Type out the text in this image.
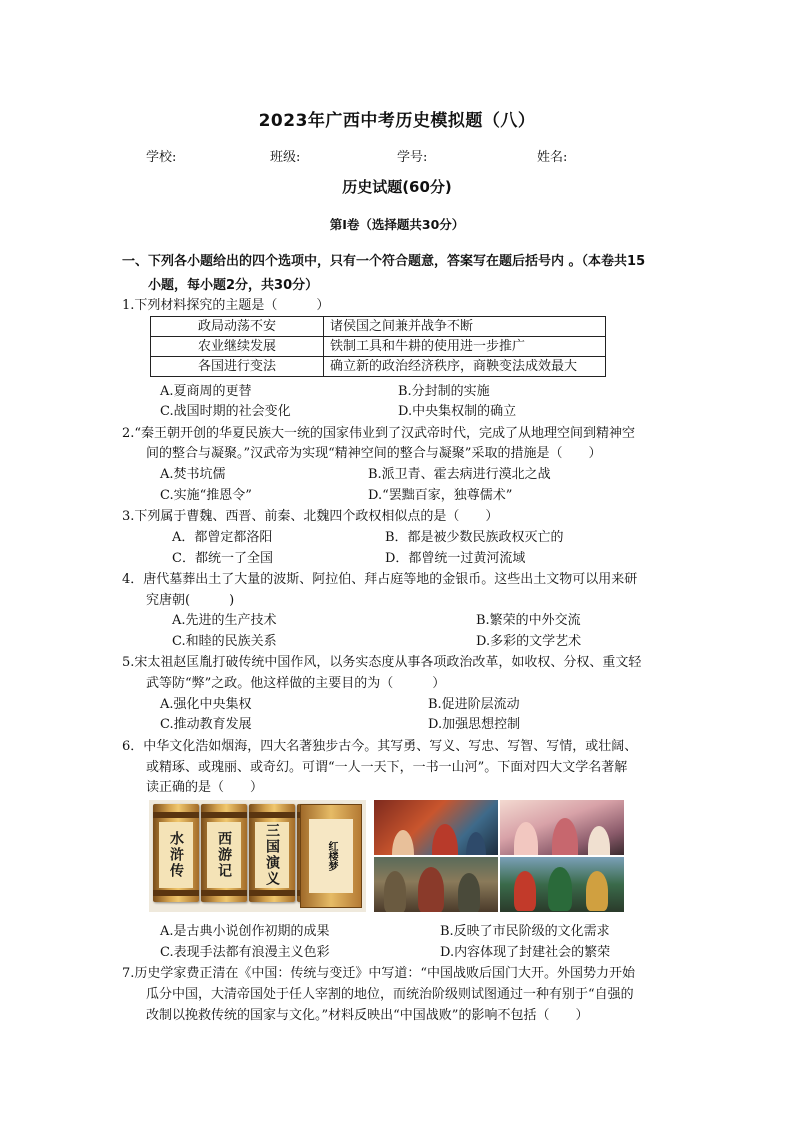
2023年广西中考历史模拟题（八）
学校:	班级:	学号:	姓名:
历史试题(60分)
第Ⅰ卷（选择题共30分）
一、下列各小题给出的四个选项中，只有一个符合题意，答案写在题后括号内 。（本卷共15
小题，每小题2分，共30分）
1.下列材料探究的主题是（　　　）
政局动荡不安	诸侯国之间兼并战争不断
农业继续发展	铁制工具和牛耕的使用进一步推广
各国进行变法	确立新的政治经济秩序，商鞅变法成效最大
A.夏商周的更替	B.分封制的实施
C.战国时期的社会变化	D.中央集权制的确立
2.“秦王朝开创的华夏民族大一统的国家伟业到了汉武帝时代，完成了从地理空间到精神空
间的整合与凝聚。”汉武帝为实现“精神空间的整合与凝聚”采取的措施是（　　）
A.焚书坑儒	B.派卫青、霍去病进行漠北之战
C.实施“推恩令”	D.“罢黜百家，独尊儒术”
3.下列属于曹魏、西晋、前秦、北魏四个政权相似点的是（　　）
A．都曾定都洛阳	B．都是被少数民族政权灭亡的
C．都统一了全国	D．都曾统一过黄河流域
4．唐代墓葬出土了大量的波斯、阿拉伯、拜占庭等地的金银币。这些出土文物可以用来研
究唐朝(　　　)
A.先进的生产技术	B.繁荣的中外交流
C.和睦的民族关系	D.多彩的文学艺术
5.宋太祖赵匡胤打破传统中国作风，以务实态度从事各项政治改革，如收权、分权、重文轻
武等防“弊”之政。他这样做的主要目的为（　　　）
A.强化中央集权	B.促进阶层流动
C.推动教育发展	D.加强思想控制
6．中华文化浩如烟海，四大名著独步古今。其写勇、写义、写忠、写智、写情，或壮阔、
或精琢、或瑰丽、或奇幻。可谓“一人一天下，一书一山河”。下面对四大文学名著解
读正确的是（　　）
水浒传	西游记	三国演义	红楼梦
A.是古典小说创作初期的成果	B.反映了市民阶级的文化需求
C.表现手法都有浪漫主义色彩	D.内容体现了封建社会的繁荣
7.历史学家费正清在《中国：传统与变迁》中写道：“中国战败后国门大开。外国势力开始
瓜分中国，大清帝国处于任人宰割的地位，而统治阶级则试图通过一种有别于“自强的
改制以挽救传统的国家与文化。”材料反映出“中国战败”的影响不包括（　　）
